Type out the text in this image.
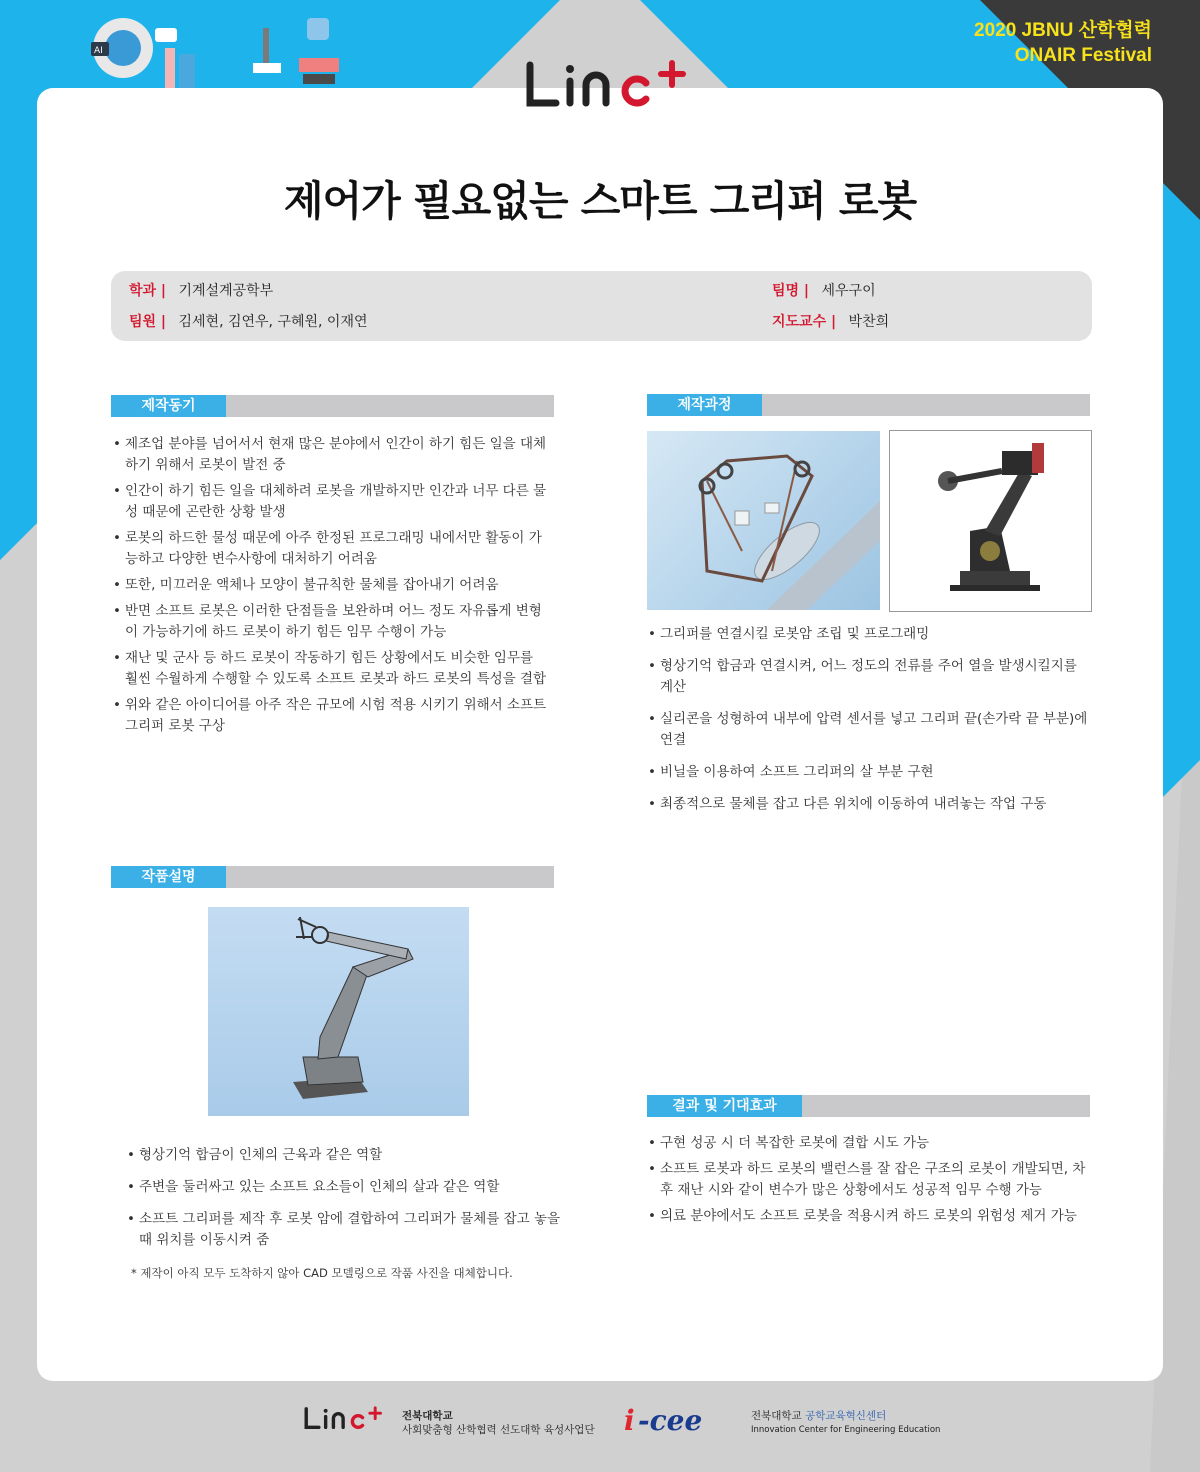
AI
2020 JBNU 산학협력
ONAIR Festival
제어가 필요없는 스마트 그리퍼 로봇
학과 | 기계설계공학부
팀원 | 김세현, 김연우, 구혜원, 이재연
팀명 | 세우구이
지도교수 | 박찬희
제작동기
• 제조업 분야를 넘어서서 현재 많은 분야에서 인간이 하기 힘든 일을 대체하기 위해서 로봇이 발전 중
• 인간이 하기 힘든 일을 대체하려 로봇을 개발하지만 인간과 너무 다른 물성 때문에 곤란한 상황 발생
• 로봇의 하드한 물성 때문에 아주 한정된 프로그래밍 내에서만 활동이 가능하고 다양한 변수사항에 대처하기 어려움
• 또한, 미끄러운 액체나 모양이 불규칙한 물체를 잡아내기 어려움
• 반면 소프트 로봇은 이러한 단점들을 보완하며 어느 정도 자유롭게 변형이 가능하기에 하드 로봇이 하기 힘든 임무 수행이 가능
• 재난 및 군사 등 하드 로봇이 작동하기 힘든 상황에서도 비슷한 임무를 훨씬 수월하게 수행할 수 있도록 소프트 로봇과 하드 로봇의 특성을 결합
• 위와 같은 아이디어를 아주 작은 규모에 시험 적용 시키기 위해서 소프트 그리퍼 로봇 구상
제작과정
• 그리퍼를 연결시킬 로봇암 조립 및 프로그래밍
• 형상기억 합금과 연결시켜, 어느 정도의 전류를 주어 열을 발생시킬지를 계산
• 실리콘을 성형하여 내부에 압력 센서를 넣고 그리퍼 끝(손가락 끝 부분)에 연결
• 비닐을 이용하여 소프트 그리퍼의 살 부분 구현
• 최종적으로 물체를 잡고 다른 위치에 이동하여 내려놓는 작업 구동
작품설명
• 형상기억 합금이 인체의 근육과 같은 역할
• 주변을 둘러싸고 있는 소프트 요소들이 인체의 살과 같은 역할
• 소프트 그리퍼를 제작 후 로봇 암에 결합하여 그리퍼가 물체를 잡고 놓을 때 위치를 이동시켜 줌
* 제작이 아직 모두 도착하지 않아 CAD 모델링으로 작품 사진을 대체합니다.
결과 및 기대효과
• 구현 성공 시 더 복잡한 로봇에 결합 시도 가능
• 소프트 로봇과 하드 로봇의 밸런스를 잘 잡은 구조의 로봇이 개발되면, 차후 재난 시와 같이 변수가 많은 상황에서도 성공적 임무 수행 가능
• 의료 분야에서도 소프트 로봇을 적용시켜 하드 로봇의 위험성 제거 가능
전북대학교
사회맞춤형 산학협력 선도대학 육성사업단 i -cee	전북대학교 공학교육혁신센터
Innovation Center for Engineering Education
